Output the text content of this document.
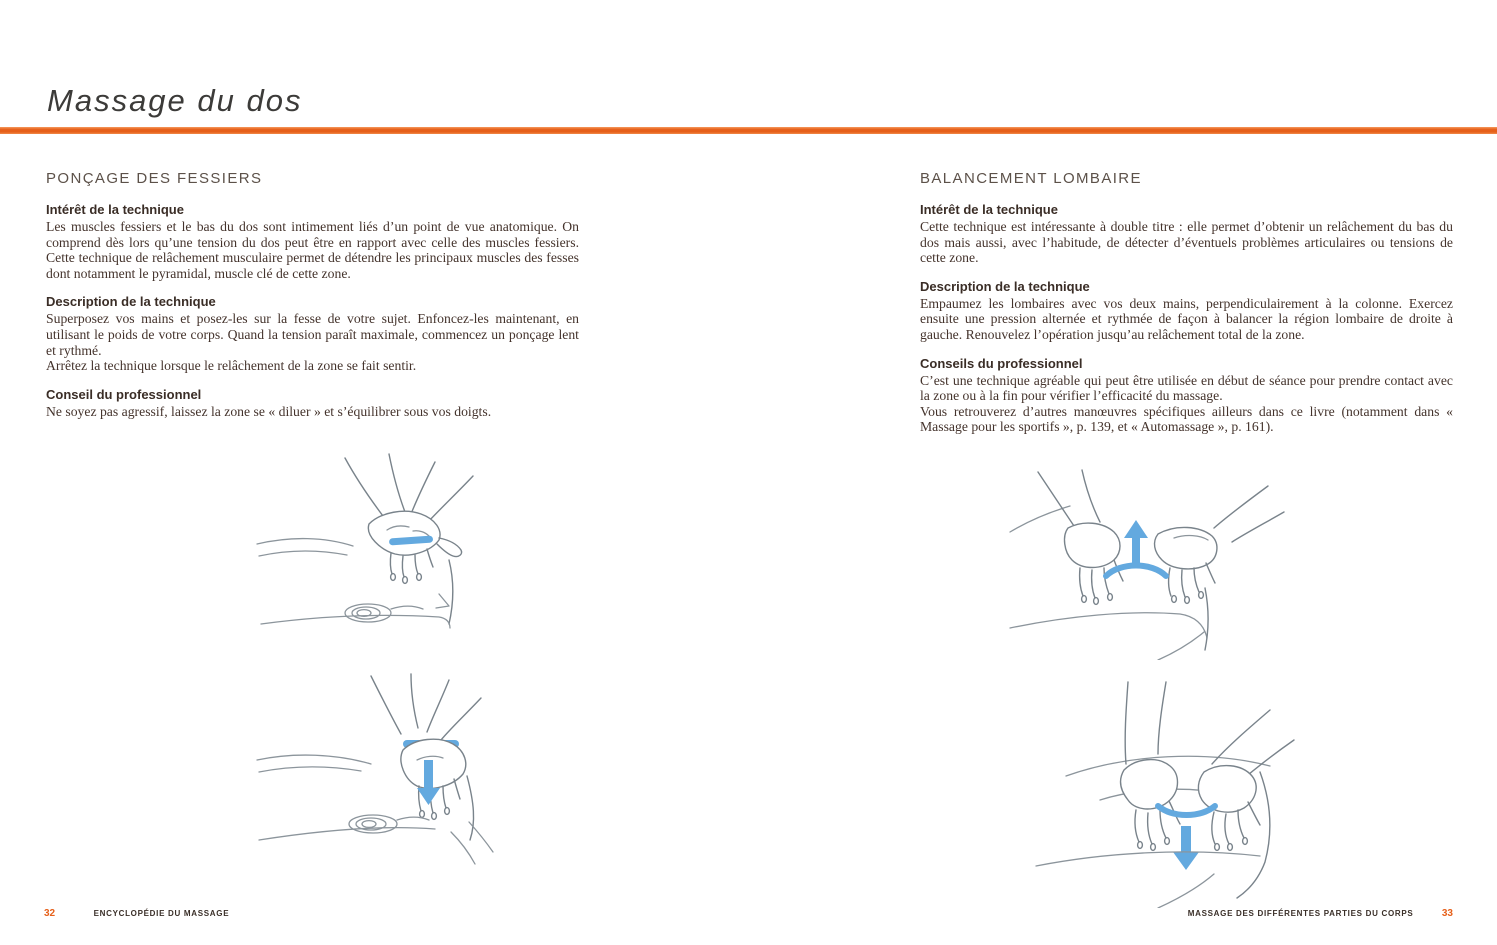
Massage du dos
PONÇAGE DES FESSIERS
Intérêt de la technique

Les muscles fessiers et le bas du dos sont intimement liés d’un point de vue anatomique. On comprend dès lors qu’une tension du dos peut être en rapport avec celle des muscles fessiers. Cette technique de relâchement musculaire permet de détendre les principaux muscles des fesses dont notamment le pyramidal, muscle clé de cette zone.

Description de la technique

Superposez vos mains et posez-les sur la fesse de votre sujet. Enfoncez-les maintenant, en utilisant le poids de votre corps. Quand la tension paraît maximale, commencez un ponçage lent et rythmé.

Arrêtez la technique lorsque le relâchement de la zone se fait sentir.

Conseil du professionnel

Ne soyez pas agressif, laissez la zone se « diluer » et s’équilibrer sous vos doigts.

BALANCEMENT LOMBAIRE
Intérêt de la technique

Cette technique est intéressante à double titre : elle permet d’obtenir un relâchement du bas du dos mais aussi, avec l’habitude, de détecter d’éventuels problèmes articulaires ou tensions de cette zone.

Description de la technique

Empaumez les lombaires avec vos deux mains, perpendiculairement à la colonne. Exercez ensuite une pression alternée et rythmée de façon à balancer la région lombaire de droite à gauche. Renouvelez l’opération jusqu’au relâchement total de la zone.

Conseils du professionnel

C’est une technique agréable qui peut être utilisée en début de séance pour prendre contact avec la zone ou à la fin pour vérifier l’efficacité du massage.

Vous retrouverez d’autres manœuvres spécifiques ailleurs dans ce livre (notamment dans « Massage pour les sportifs », p. 139, et « Automassage », p. 161).

32	ENCYCLOPÉDIE DU MASSAGE	MASSAGE DES DIFFÉRENTES PARTIES DU CORPS	33
